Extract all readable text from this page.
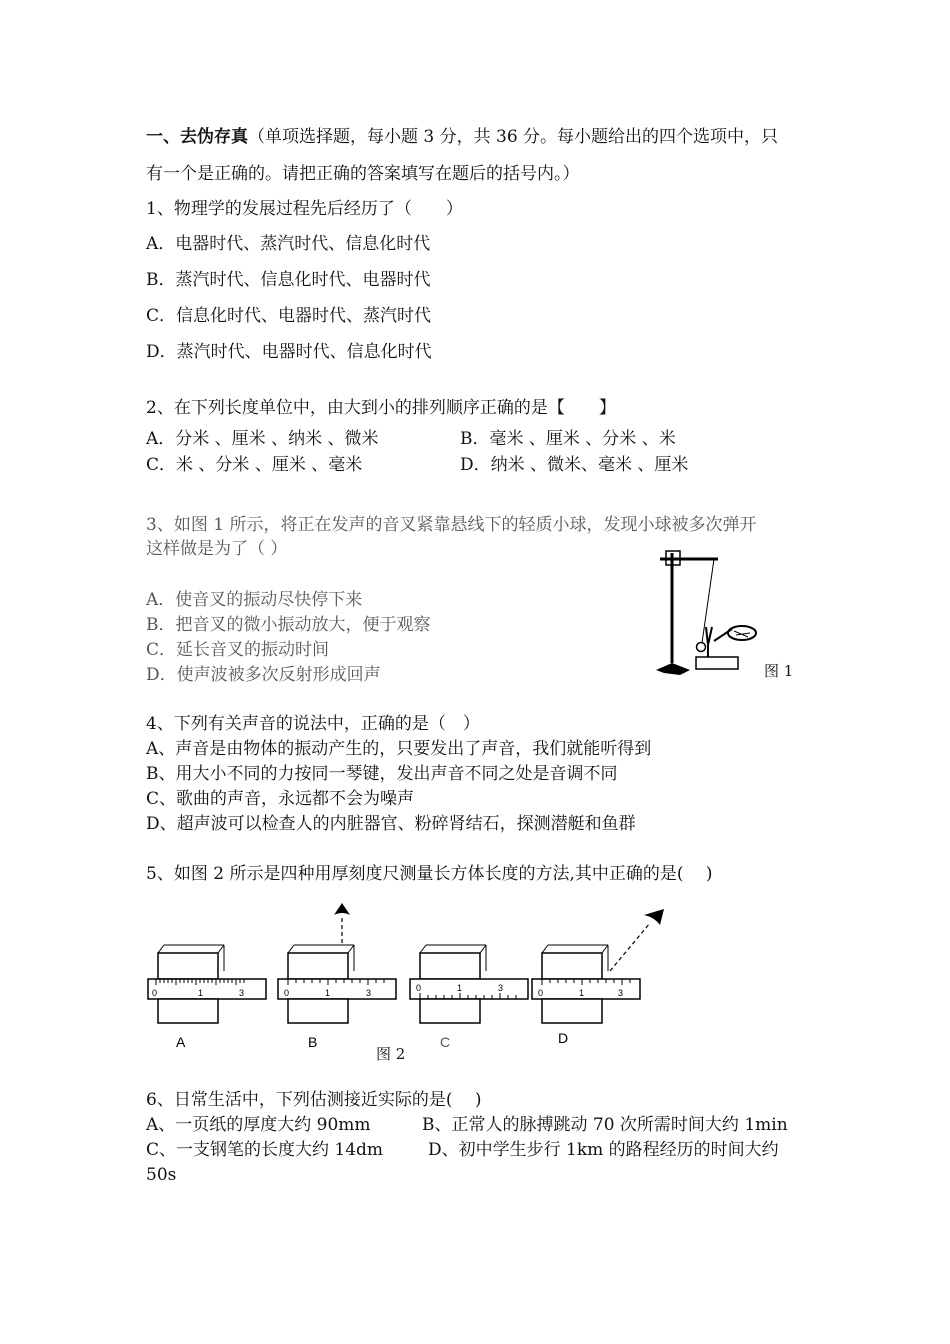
一、去伪存真（单项选择题，每小题 3 分，共 36 分。每小题给出的四个选项中，只
有一个是正确的。请把正确的答案填写在题后的括号内。）
1、物理学的发展过程先后经历了（　　）
A．电器时代、蒸汽时代、信息化时代
B．蒸汽时代、信息化时代、电器时代
C．信息化时代、电器时代、蒸汽时代
D．蒸汽时代、电器时代、信息化时代
2、在下列长度单位中，由大到小的排列顺序正确的是【　　】
A．分米 、厘米 、纳米 、微米	B．毫米 、厘米 、分米 、米
C．米 、分米 、厘米 、毫米	D．纳米 、微米、毫米 、厘米
3、如图 1 所示，将正在发声的音叉紧靠悬线下的轻质小球，发现小球被多次弹开
这样做是为了（ ）
A．使音叉的振动尽快停下来
B．把音叉的微小振动放大，便于观察
C．延长音叉的振动时间
D．使声波被多次反射形成回声	图 1
4、下列有关声音的说法中，正确的是（　）
A、声音是由物体的振动产生的，只要发出了声音，我们就能听得到
B、用大小不同的力按同一琴键，发出声音不同之处是音调不同
C、歌曲的声音，永远都不会为噪声
D、超声波可以检查人的内脏器官、粉碎肾结石，探测潜艇和鱼群
5、如图 2 所示是四种用厚刻度尺测量长方体长度的方法,其中正确的是(　 )
0	1	3
A
0	1	3
B
0	1	3
C
0	1	3
D
图 2
6、日常生活中，下列估测接近实际的是(　 )
A、一页纸的厚度大约 90mm	B、正常人的脉搏跳动 70 次所需时间大约 1min
C、一支钢笔的长度大约 14dm	D、初中学生步行 1km 的路程经历的时间大约
50s
